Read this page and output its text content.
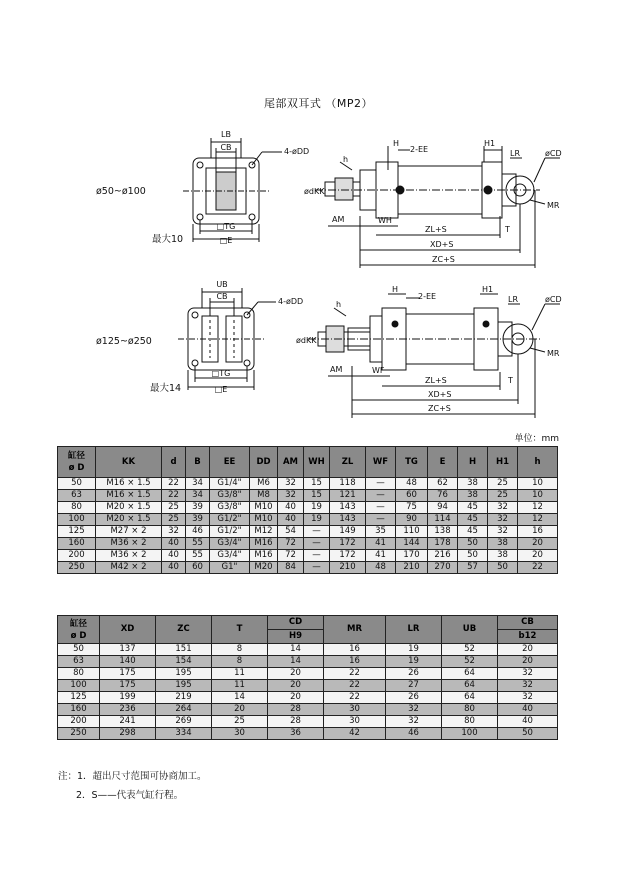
尾部双耳式 （MP2）
LB
CB	4-øDD
□TG
□E
ø50~ø100
最大10
h
H
2-EE
H1
LR	øCD
ød KK
AM	WH
ZL+S
XD+S
ZC+S
T
MR
UB
CB
4-øDD
□TG
□E
ø125~ø250
最大14
h
H
2-EE
H1
LR	øCD
ød KK
AM	WF
ZL+S
XD+S
ZC+S
T
MR
单位：mm
缸径
ø D	KK	d	B	EE	DD	AM	WH	ZL	WF	TG	E	H	H1	h
50	M16 × 1.5	22	34	G1/4"	M6	32	15	118	—	48	62	38	25	10
63	M16 × 1.5	22	34	G3/8"	M8	32	15	121	—	60	76	38	25	10
80	M20 × 1.5	25	39	G3/8"	M10	40	19	143	—	75	94	45	32	12
100	M20 × 1.5	25	39	G1/2"	M10	40	19	143	—	90	114	45	32	12
125	M27 × 2	32	46	G1/2"	M12	54	—	149	35	110	138	45	32	16
160	M36 × 2	40	55	G3/4"	M16	72	—	172	41	144	178	50	38	20
200	M36 × 2	40	55	G3/4"	M16	72	—	172	41	170	216	50	38	20
250	M42 × 2	40	60	G1"	M20	84	—	210	48	210	270	57	50	22
缸径
ø D	XD	ZC	T	CD	MR	LR	UB	CB
				H9				b12
50	137	151	8	14	16	19	52	20
63	140	154	8	14	16	19	52	20
80	175	195	11	20	22	26	64	32
100	175	195	11	20	22	27	64	32
125	199	219	14	20	22	26	64	32
160	236	264	20	28	30	32	80	40
200	241	269	25	28	30	32	80	40
250	298	334	30	36	42	46	100	50
注：1．超出尺寸范围可协商加工。
2．S——代表气缸行程。
